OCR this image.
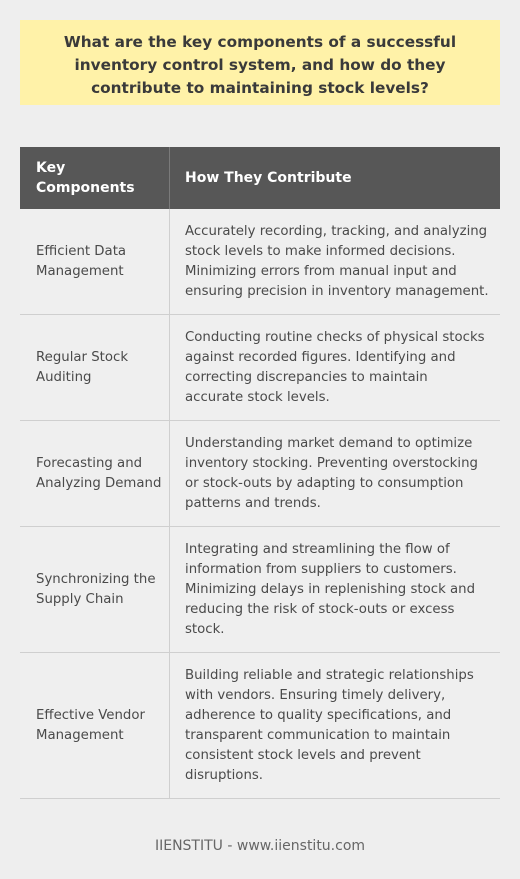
What are the key components of a successful inventory control system, and how do they contribute to maintaining stock levels?
Key Components
How They Contribute
Efficient Data Management
Accurately recording, tracking, and analyzing stock levels to make informed decisions. Minimizing errors from manual input and ensuring precision in inventory management.
Regular Stock Auditing
Conducting routine checks of physical stocks against recorded figures. Identifying and correcting discrepancies to maintain accurate stock levels.
Forecasting and Analyzing Demand
Understanding market demand to optimize inventory stocking. Preventing overstocking or stock-outs by adapting to consumption patterns and trends.
Synchronizing the Supply Chain
Integrating and streamlining the flow of information from suppliers to customers. Minimizing delays in replenishing stock and reducing the risk of stock-outs or excess stock.
Effective Vendor Management
Building reliable and strategic relationships with vendors. Ensuring timely delivery, adherence to quality specifications, and transparent communication to maintain consistent stock levels and prevent disruptions.
IIENSTITU - www.iienstitu.com
